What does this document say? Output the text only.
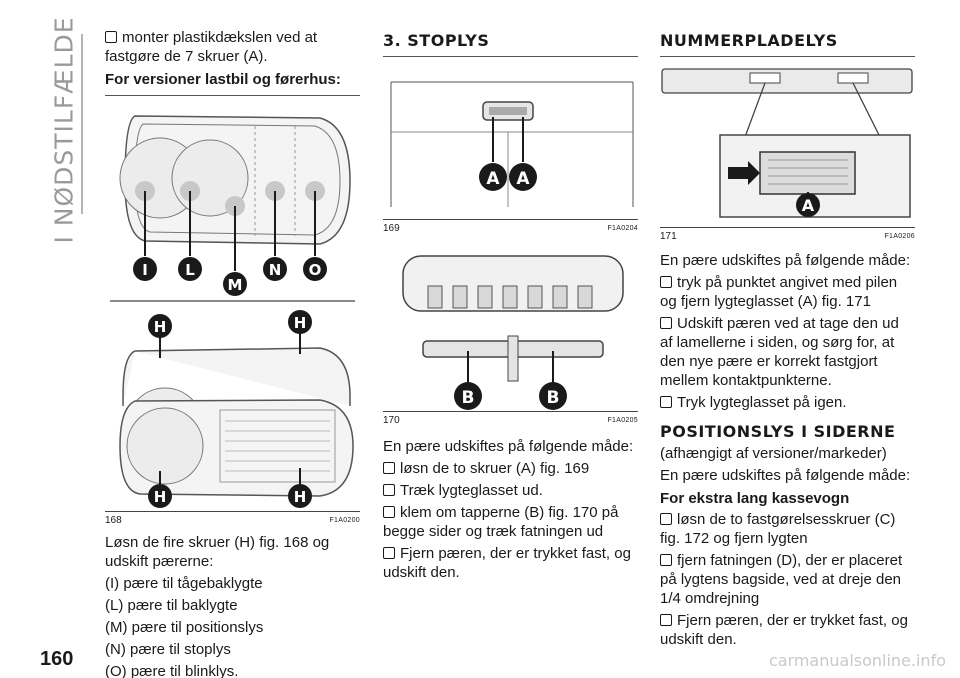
I NØDSTILFÆLDE	monter plastikdækslen ved at fastgøre de 7 skruer (A).

For versioner lastbil og førerhus:
I L
M
N O
H	H
H	H
168	F1A0200

Løsn de fire skruer (H) fig. 168 og udskift pærerne:

(I) pære til tågebaklygte

(L) pære til baklygte

(M) pære til positionslys

(N) pære til stoplys

(O) pære til blinklys.

3. STOPLYS
A A
169	F1A0204
B	B
170	F1A0205

En pære udskiftes på følgende måde:

løsn de to skruer (A) fig. 169

Træk lygteglasset ud.

klem om tapperne (B) fig. 170 på begge sider og træk fatningen ud

Fjern pæren, der er trykket fast, og udskift den.

NUMMERPLADELYS
A
171	F1A0206

En pære udskiftes på følgende måde:

tryk på punktet angivet med pilen og fjern lygteglasset (A) fig. 171

Udskift pæren ved at tage den ud af lamellerne i siden, og sørg for, at den nye pære er korrekt fastgjort mellem kontaktpunkterne.

Tryk lygteglasset på igen.

POSITIONSLYS I SIDERNE

(afhængigt af versioner/markeder)

En pære udskiftes på følgende måde:

For ekstra lang kassevogn

løsn de to fastgørelsesskruer (C) fig. 172 og fjern lygten

fjern fatningen (D), der er placeret på lygtens bagside, ved at dreje den 1/4 omdrejning

Fjern pæren, der er trykket fast, og udskift den.

160	carmanualsonline.info
